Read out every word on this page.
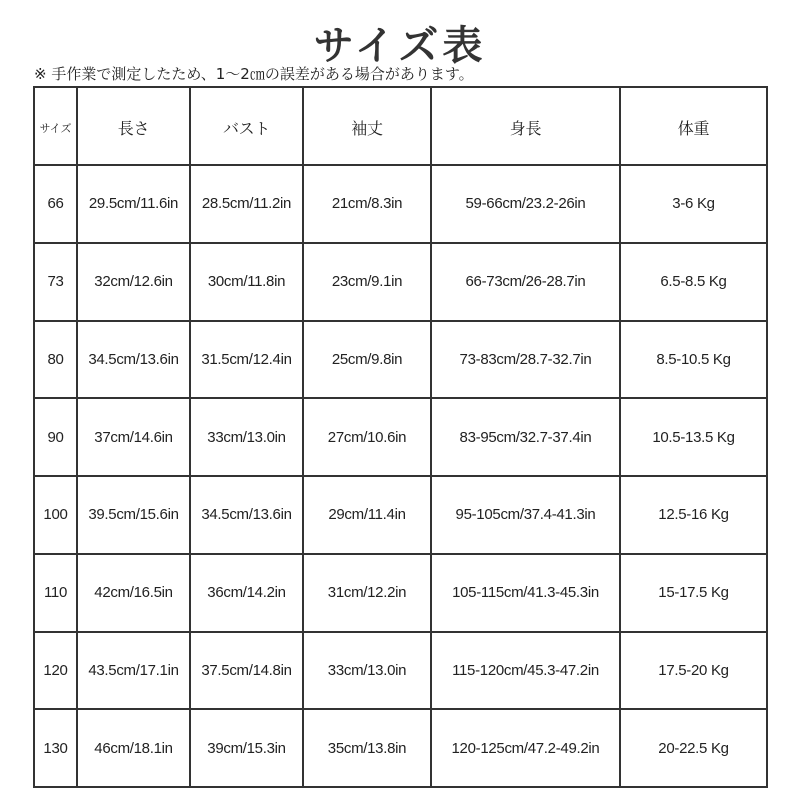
サイズ表
※ 手作業で測定したため、1～2㎝の誤差がある場合があります。
サイズ	長さ	バスト	袖丈	身長	体重
66	29.5cm/11.6in	28.5cm/11.2in	21cm/8.3in	59-66cm/23.2-26in	3-6 Kg
73	32cm/12.6in	30cm/11.8in	23cm/9.1in	66-73cm/26-28.7in	6.5-8.5 Kg
80	34.5cm/13.6in	31.5cm/12.4in	25cm/9.8in	73-83cm/28.7-32.7in	8.5-10.5 Kg
90	37cm/14.6in	33cm/13.0in	27cm/10.6in	83-95cm/32.7-37.4in	10.5-13.5 Kg
100	39.5cm/15.6in	34.5cm/13.6in	29cm/11.4in	95-105cm/37.4-41.3in	12.5-16 Kg
110	42cm/16.5in	36cm/14.2in	31cm/12.2in	105-115cm/41.3-45.3in	15-17.5 Kg
120	43.5cm/17.1in	37.5cm/14.8in	33cm/13.0in	115-120cm/45.3-47.2in	17.5-20 Kg
130	46cm/18.1in	39cm/15.3in	35cm/13.8in	120-125cm/47.2-49.2in	20-22.5 Kg
